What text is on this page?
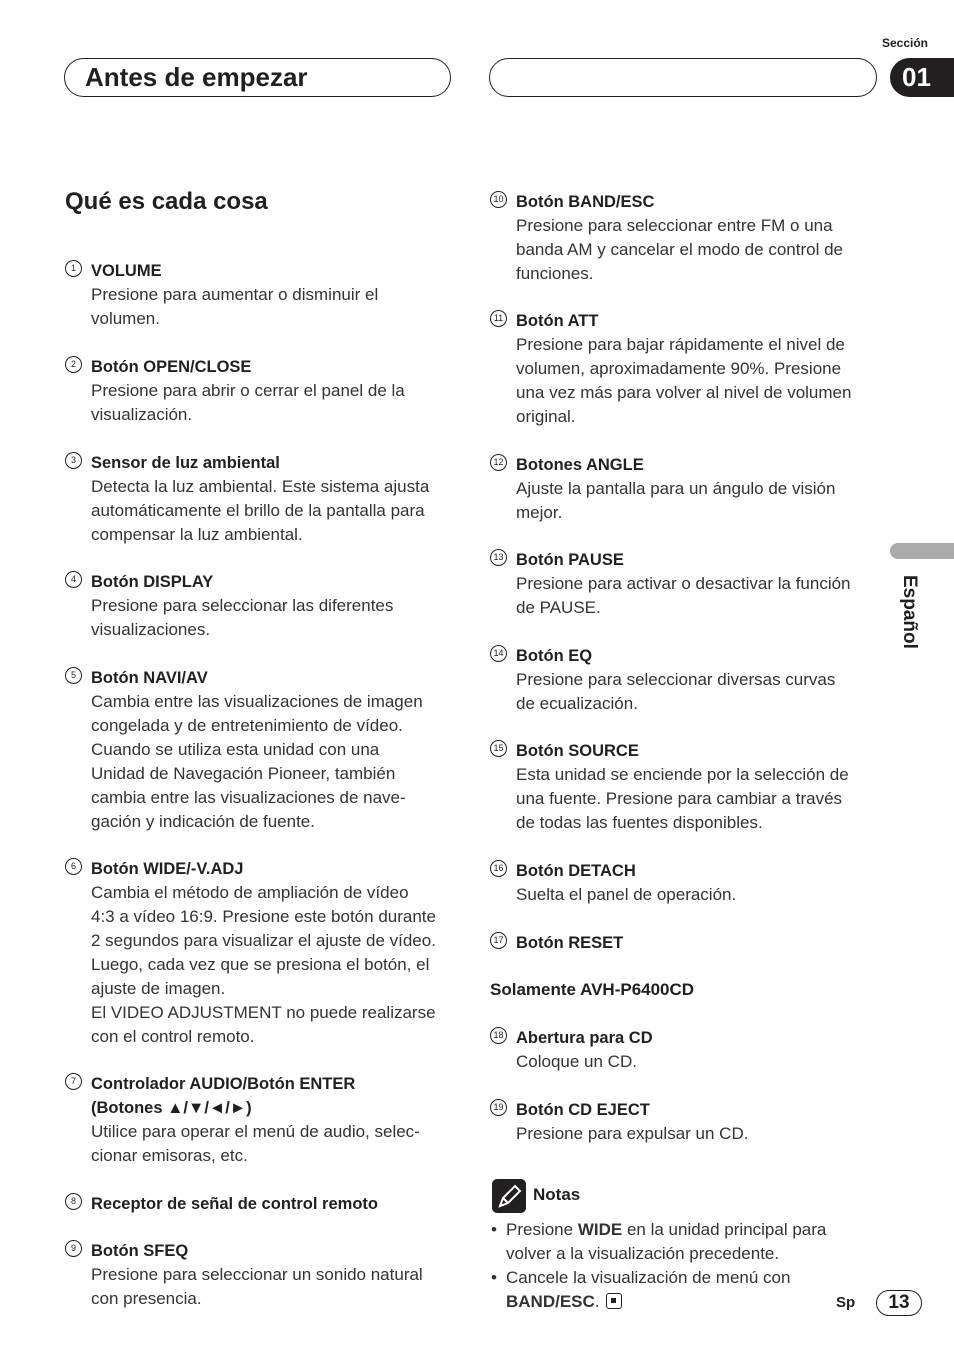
Antes de empezar
Sección
01
Qué es cada cosa
1 VOLUME
Presione para aumentar o disminuir el
volumen.
2 Botón OPEN/CLOSE
Presione para abrir o cerrar el panel de la
visualización.
3 Sensor de luz ambiental
Detecta la luz ambiental. Este sistema ajusta
automáticamente el brillo de la pantalla para
compensar la luz ambiental.
4 Botón DISPLAY
Presione para seleccionar las diferentes
visualizaciones.
5 Botón NAVI/AV
Cambia entre las visualizaciones de imagen
congelada y de entretenimiento de vídeo.
Cuando se utiliza esta unidad con una
Unidad de Navegación Pioneer, también
cambia entre las visualizaciones de nave-
gación y indicación de fuente.
6 Botón WIDE/-V.ADJ
Cambia el método de ampliación de vídeo
4:3 a vídeo 16:9. Presione este botón durante
2 segundos para visualizar el ajuste de vídeo.
Luego, cada vez que se presiona el botón, el
ajuste de imagen.
El VIDEO ADJUSTMENT no puede realizarse
con el control remoto.
7 Controlador AUDIO/Botón ENTER
(Botones ▲/▼/◄/►)
Utilice para operar el menú de audio, selec-
cionar emisoras, etc.
8 Receptor de señal de control remoto
9 Botón SFEQ
Presione para seleccionar un sonido natural
con presencia.
10 Botón BAND/ESC
Presione para seleccionar entre FM o una
banda AM y cancelar el modo de control de
funciones.
11 Botón ATT
Presione para bajar rápidamente el nivel de
volumen, aproximadamente 90%. Presione
una vez más para volver al nivel de volumen
original.
12 Botones ANGLE
Ajuste la pantalla para un ángulo de visión
mejor.
13 Botón PAUSE
Presione para activar o desactivar la función
de PAUSE.
14 Botón EQ
Presione para seleccionar diversas curvas
de ecualización.
15 Botón SOURCE
Esta unidad se enciende por la selección de
una fuente. Presione para cambiar a través
de todas las fuentes disponibles.
16 Botón DETACH
Suelta el panel de operación.
17 Botón RESET
18 Abertura para CD
Coloque un CD.
19 Botón CD EJECT
Presione para expulsar un CD.
Solamente AVH-P6400CD
Notas
• Presione WIDE en la unidad principal para
volver a la visualización precedente.
• Cancele la visualización de menú con
BAND/ESC.
Español
Sp	13
